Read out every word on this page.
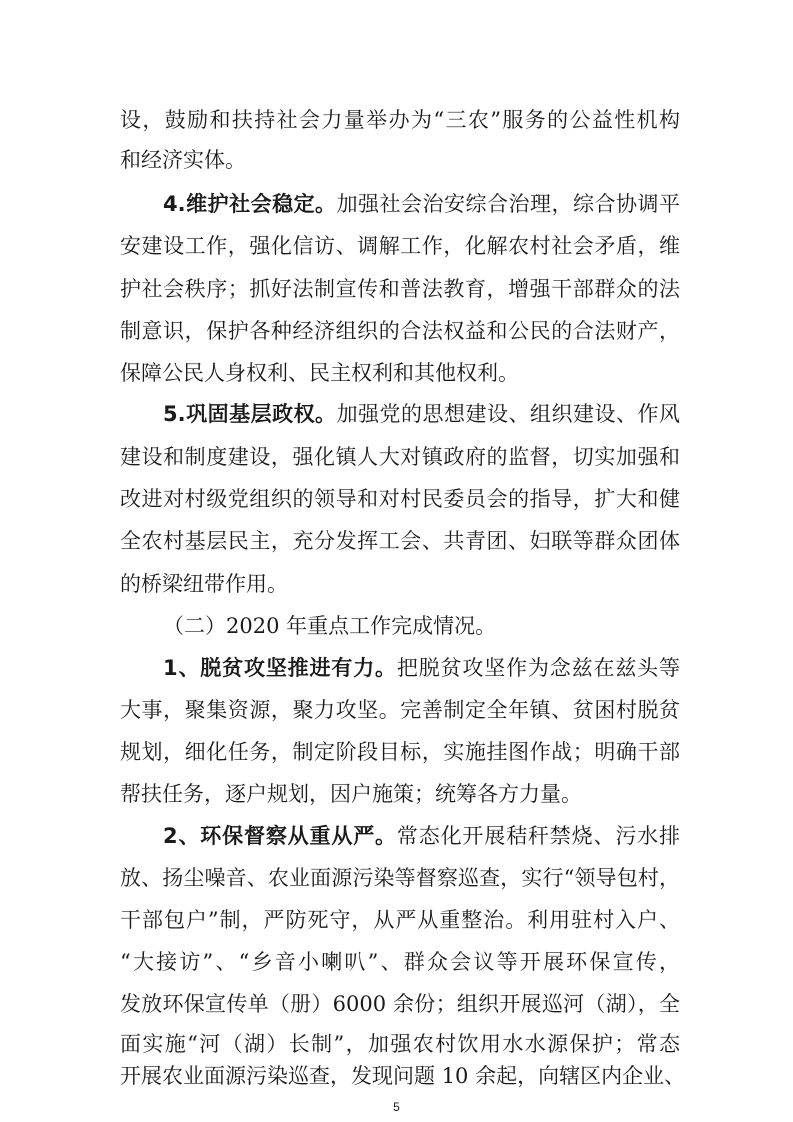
设，鼓励和扶持社会力量举办为“三农”服务的公益性机构
和经济实体。
4.维护社会稳定。加强社会治安综合治理，综合协调平
安建设工作，强化信访、调解工作，化解农村社会矛盾，维
护社会秩序；抓好法制宣传和普法教育，增强干部群众的法
制意识，保护各种经济组织的合法权益和公民的合法财产，
保障公民人身权利、民主权利和其他权利。
5.巩固基层政权。加强党的思想建设、组织建设、作风
建设和制度建设，强化镇人大对镇政府的监督，切实加强和
改进对村级党组织的领导和对村民委员会的指导，扩大和健
全农村基层民主，充分发挥工会、共青团、妇联等群众团体
的桥梁纽带作用。
（二）2020 年重点工作完成情况。
1、脱贫攻坚推进有力。把脱贫攻坚作为念兹在兹头等
大事，聚集资源，聚力攻坚。完善制定全年镇、贫困村脱贫
规划，细化任务，制定阶段目标，实施挂图作战；明确干部
帮扶任务，逐户规划，因户施策；统筹各方力量。
2、环保督察从重从严。常态化开展秸秆禁烧、污水排
放、扬尘噪音、农业面源污染等督察巡查，实行“领导包村，
干部包户”制，严防死守，从严从重整治。利用驻村入户、
“大接访”、“乡音小喇叭”、群众会议等开展环保宣传，
发放环保宣传单（册）6000 余份；组织开展巡河（湖），全
面实施“河（湖）长制”，加强农村饮用水水源保护；常态
开展农业面源污染巡查，发现问题 10 余起，向辖区内企业、
5
